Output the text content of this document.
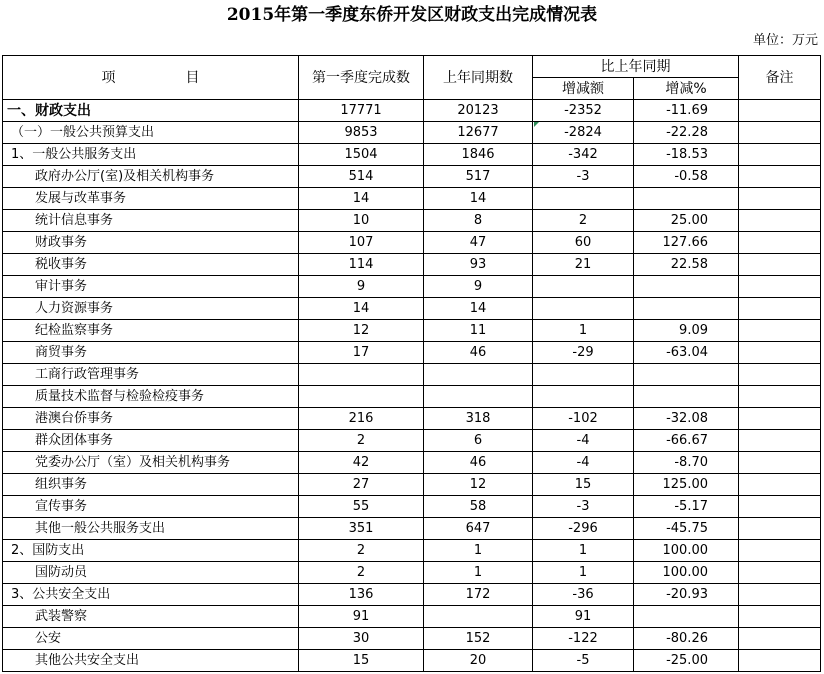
2015年第一季度东侨开发区财政支出完成情况表
单位：万元
项　　　　　目	第一季度完成数	上年同期数	比上年同期		备注
			增减额	增减%	
一、财政支出	17771	20123	-2352	-11.69	
（一）一般公共预算支出	9853	12677	-2824	-22.28	
1、一般公共服务支出	1504	1846	-342	-18.53	
政府办公厅(室)及相关机构事务	514	517	-3	-0.58	
发展与改革事务	14	14			
统计信息事务	10	8	2	25.00	
财政事务	107	47	60	127.66	
税收事务	114	93	21	22.58	
审计事务	9	9			
人力资源事务	14	14			
纪检监察事务	12	11	1	9.09	
商贸事务	17	46	-29	-63.04	
工商行政管理事务					
质量技术监督与检验检疫事务					
港澳台侨事务	216	318	-102	-32.08	
群众团体事务	2	6	-4	-66.67	
党委办公厅（室）及相关机构事务	42	46	-4	-8.70	
组织事务	27	12	15	125.00	
宣传事务	55	58	-3	-5.17	
其他一般公共服务支出	351	647	-296	-45.75	
2、国防支出	2	1	1	100.00	
国防动员	2	1	1	100.00	
3、公共安全支出	136	172	-36	-20.93	
武装警察	91		91		
公安	30	152	-122	-80.26	
其他公共安全支出	15	20	-5	-25.00	
